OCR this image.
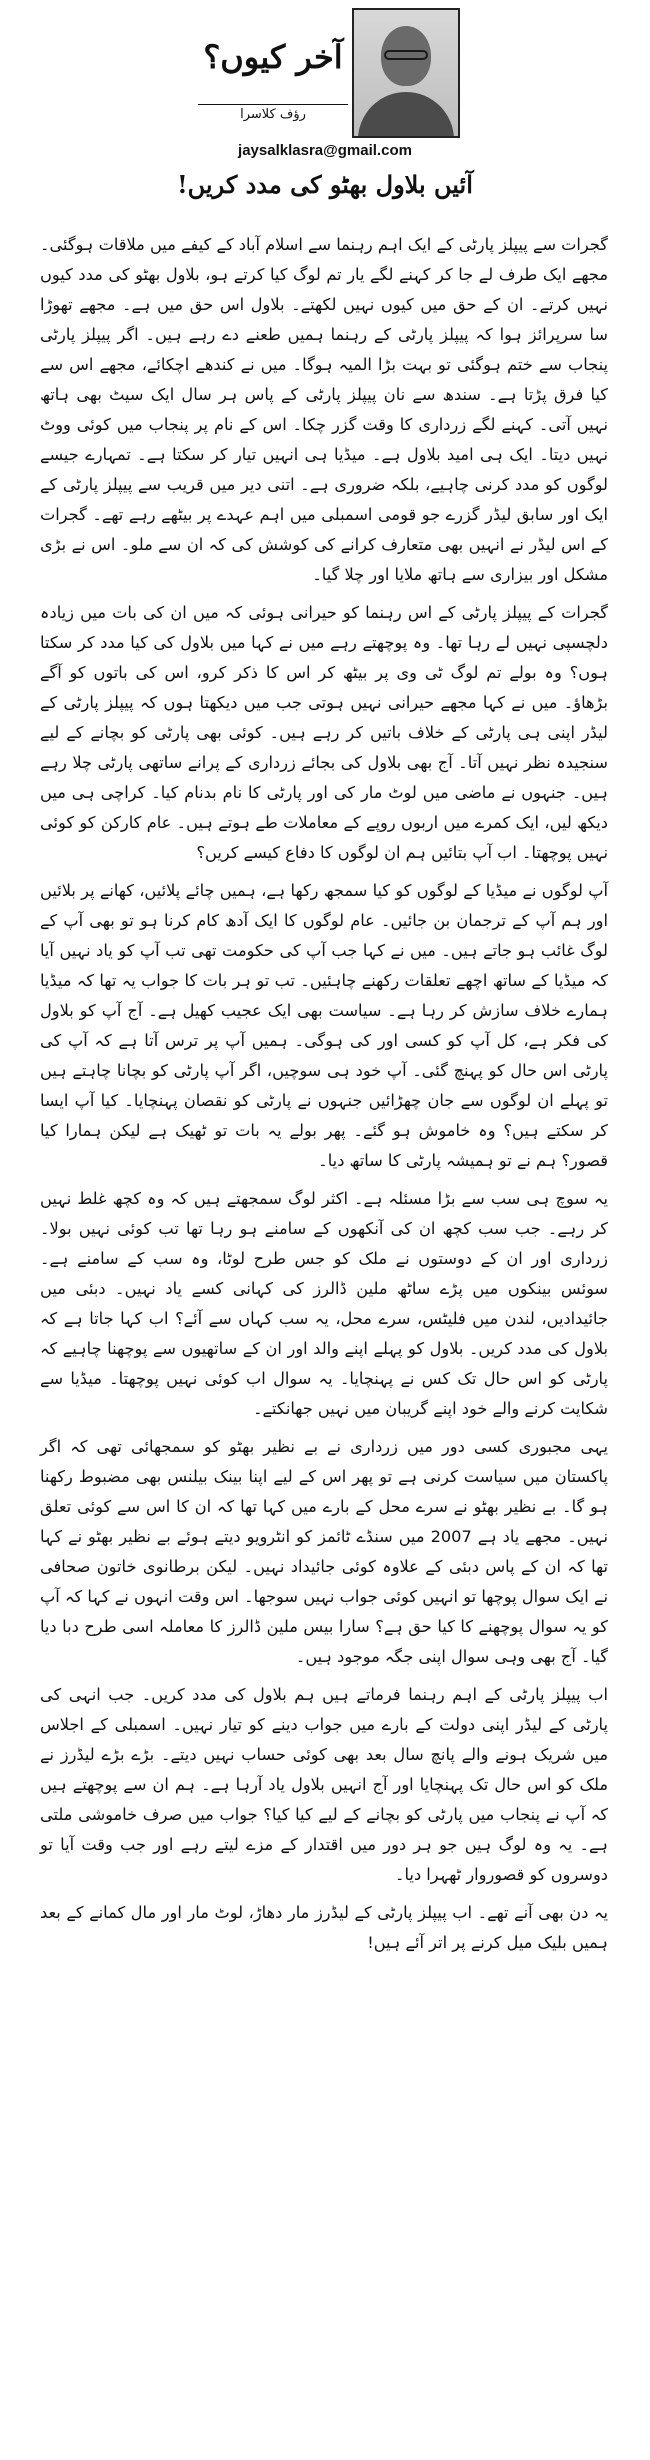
آخر کیوں؟
رؤف کلاسرا
jaysalklasra@gmail.com
آئیں بلاول بھٹو کی مدد کریں!

گجرات سے پیپلز پارٹی کے ایک اہم رہنما سے اسلام آباد کے کیفے میں ملاقات ہوگئی۔ مجھے ایک طرف لے جا کر کہنے لگے یار تم لوگ کیا کرتے ہو، بلاول بھٹو کی مدد کیوں نہیں کرتے۔ ان کے حق میں کیوں نہیں لکھتے۔ بلاول اس حق میں ہے۔ مجھے تھوڑا سا سرپرائز ہوا کہ پیپلز پارٹی کے رہنما ہمیں طعنے دے رہے ہیں۔ اگر پیپلز پارٹی پنجاب سے ختم ہوگئی تو بہت بڑا المیہ ہوگا۔ میں نے کندھے اچکائے، مجھے اس سے کیا فرق پڑتا ہے۔ سندھ سے نان پیپلز پارٹی کے پاس ہر سال ایک سیٹ بھی ہاتھ نہیں آتی۔ کہنے لگے زرداری کا وقت گزر چکا۔ اس کے نام پر پنجاب میں کوئی ووٹ نہیں دیتا۔ ایک ہی امید بلاول ہے۔ میڈیا ہی انہیں تیار کر سکتا ہے۔ تمہارے جیسے لوگوں کو مدد کرنی چاہیے، بلکہ ضروری ہے۔ اتنی دیر میں قریب سے پیپلز پارٹی کے ایک اور سابق لیڈر گزرے جو قومی اسمبلی میں اہم عہدے پر بیٹھے رہے تھے۔ گجرات کے اس لیڈر نے انہیں بھی متعارف کرانے کی کوشش کی کہ ان سے ملو۔ اس نے بڑی مشکل اور بیزاری سے ہاتھ ملایا اور چلا گیا۔

گجرات کے پیپلز پارٹی کے اس رہنما کو حیرانی ہوئی کہ میں ان کی بات میں زیادہ دلچسپی نہیں لے رہا تھا۔ وہ پوچھتے رہے میں نے کہا میں بلاول کی کیا مدد کر سکتا ہوں؟ وہ بولے تم لوگ ٹی وی پر بیٹھ کر اس کا ذکر کرو، اس کی باتوں کو آگے بڑھاؤ۔ میں نے کہا مجھے حیرانی نہیں ہوتی جب میں دیکھتا ہوں کہ پیپلز پارٹی کے لیڈر اپنی ہی پارٹی کے خلاف باتیں کر رہے ہیں۔ کوئی بھی پارٹی کو بچانے کے لیے سنجیدہ نظر نہیں آتا۔ آج بھی بلاول کی بجائے زرداری کے پرانے ساتھی پارٹی چلا رہے ہیں۔ جنہوں نے ماضی میں لوٹ مار کی اور پارٹی کا نام بدنام کیا۔ کراچی ہی میں دیکھ لیں، ایک کمرے میں اربوں روپے کے معاملات طے ہوتے ہیں۔ عام کارکن کو کوئی نہیں پوچھتا۔ اب آپ بتائیں ہم ان لوگوں کا دفاع کیسے کریں؟

آپ لوگوں نے میڈیا کے لوگوں کو کیا سمجھ رکھا ہے، ہمیں چائے پلائیں، کھانے پر بلائیں اور ہم آپ کے ترجمان بن جائیں۔ عام لوگوں کا ایک آدھ کام کرنا ہو تو بھی آپ کے لوگ غائب ہو جاتے ہیں۔ میں نے کہا جب آپ کی حکومت تھی تب آپ کو یاد نہیں آیا کہ میڈیا کے ساتھ اچھے تعلقات رکھنے چاہئیں۔ تب تو ہر بات کا جواب یہ تھا کہ میڈیا ہمارے خلاف سازش کر رہا ہے۔ سیاست بھی ایک عجیب کھیل ہے۔ آج آپ کو بلاول کی فکر ہے، کل آپ کو کسی اور کی ہوگی۔ ہمیں آپ پر ترس آتا ہے کہ آپ کی پارٹی اس حال کو پہنچ گئی۔ آپ خود ہی سوچیں، اگر آپ پارٹی کو بچانا چاہتے ہیں تو پہلے ان لوگوں سے جان چھڑائیں جنہوں نے پارٹی کو نقصان پہنچایا۔ کیا آپ ایسا کر سکتے ہیں؟ وہ خاموش ہو گئے۔ پھر بولے یہ بات تو ٹھیک ہے لیکن ہمارا کیا قصور؟ ہم نے تو ہمیشہ پارٹی کا ساتھ دیا۔

یہ سوچ ہی سب سے بڑا مسئلہ ہے۔ اکثر لوگ سمجھتے ہیں کہ وہ کچھ غلط نہیں کر رہے۔ جب سب کچھ ان کی آنکھوں کے سامنے ہو رہا تھا تب کوئی نہیں بولا۔ زرداری اور ان کے دوستوں نے ملک کو جس طرح لوٹا، وہ سب کے سامنے ہے۔ سوئس بینکوں میں پڑے ساٹھ ملین ڈالرز کی کہانی کسے یاد نہیں۔ دبئی میں جائیدادیں، لندن میں فلیٹس، سرے محل، یہ سب کہاں سے آئے؟ اب کہا جاتا ہے کہ بلاول کی مدد کریں۔ بلاول کو پہلے اپنے والد اور ان کے ساتھیوں سے پوچھنا چاہیے کہ پارٹی کو اس حال تک کس نے پہنچایا۔ یہ سوال اب کوئی نہیں پوچھتا۔ میڈیا سے شکایت کرنے والے خود اپنے گریبان میں نہیں جھانکتے۔

یہی مجبوری کسی دور میں زرداری نے بے نظیر بھٹو کو سمجھائی تھی کہ اگر پاکستان میں سیاست کرنی ہے تو پھر اس کے لیے اپنا بینک بیلنس بھی مضبوط رکھنا ہو گا۔ بے نظیر بھٹو نے سرے محل کے بارے میں کہا تھا کہ ان کا اس سے کوئی تعلق نہیں۔ مجھے یاد ہے 2007 میں سنڈے ٹائمز کو انٹرویو دیتے ہوئے بے نظیر بھٹو نے کہا تھا کہ ان کے پاس دبئی کے علاوہ کوئی جائیداد نہیں۔ لیکن برطانوی خاتون صحافی نے ایک سوال پوچھا تو انہیں کوئی جواب نہیں سوجھا۔ اس وقت انہوں نے کہا کہ آپ کو یہ سوال پوچھنے کا کیا حق ہے؟ سارا بیس ملین ڈالرز کا معاملہ اسی طرح دبا دیا گیا۔ آج بھی وہی سوال اپنی جگہ موجود ہیں۔

اب پیپلز پارٹی کے اہم رہنما فرماتے ہیں ہم بلاول کی مدد کریں۔ جب انہی کی پارٹی کے لیڈر اپنی دولت کے بارے میں جواب دینے کو تیار نہیں۔ اسمبلی کے اجلاس میں شریک ہونے والے پانچ سال بعد بھی کوئی حساب نہیں دیتے۔ بڑے بڑے لیڈرز نے ملک کو اس حال تک پہنچایا اور آج انہیں بلاول یاد آرہا ہے۔ ہم ان سے پوچھتے ہیں کہ آپ نے پنجاب میں پارٹی کو بچانے کے لیے کیا کیا؟ جواب میں صرف خاموشی ملتی ہے۔ یہ وہ لوگ ہیں جو ہر دور میں اقتدار کے مزے لیتے رہے اور جب وقت آیا تو دوسروں کو قصوروار ٹھہرا دیا۔

یہ دن بھی آنے تھے۔ اب پیپلز پارٹی کے لیڈرز مار دھاڑ، لوٹ مار اور مال کمانے کے بعد ہمیں بلیک میل کرنے پر اتر آئے ہیں!
